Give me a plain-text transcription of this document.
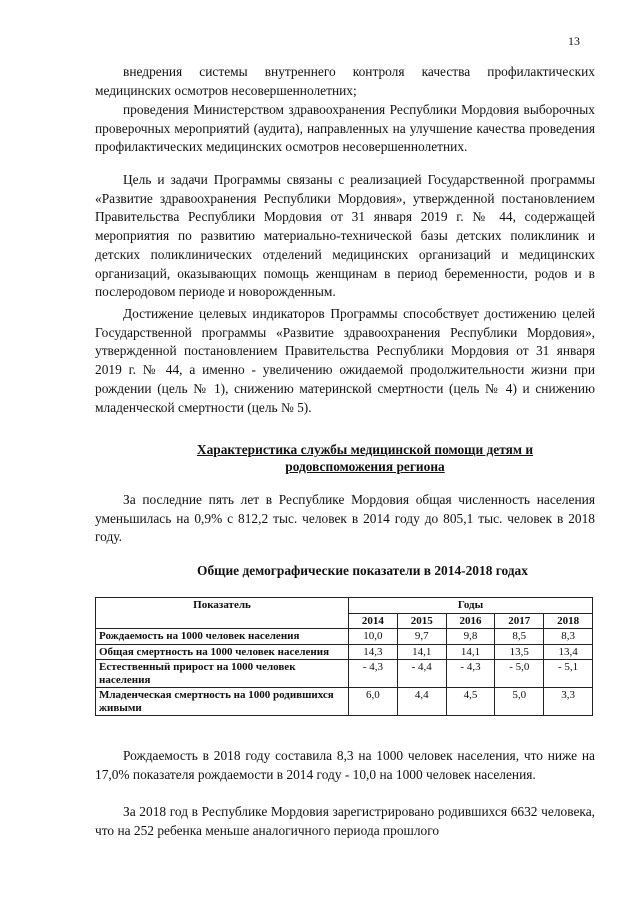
13

внедрения системы внутреннего контроля качества профилактических медицинских осмотров несовершеннолетних;

проведения Министерством здравоохранения Республики Мордовия выборочных проверочных мероприятий (аудита), направленных на улучшение качества проведения профилактических медицинских осмотров несовершеннолетних.

Цель и задачи Программы связаны с реализацией Государственной программы «Развитие здравоохранения Республики Мордовия», утвержденной постановлением Правительства Республики Мордовия от 31 января 2019 г. № 44, содержащей мероприятия по развитию материально-технической базы детских поликлиник и детских поликлинических отделений медицинских организаций и медицинских организаций, оказывающих помощь женщинам в период беременности, родов и в послеродовом периоде и новорожденным.

Достижение целевых индикаторов Программы способствует достижению целей Государственной программы «Развитие здравоохранения Республики Мордовия», утвержденной постановлением Правительства Республики Мордовия от 31 января 2019 г. № 44, а именно - увеличению ожидаемой продолжительности жизни при рождении (цель № 1), снижению материнской смертности (цель № 4) и снижению младенческой смертности (цель № 5).

Характеристика службы медицинской помощи детям и
родовспоможения региона

За последние пять лет в Республике Мордовия общая численность населения уменьшилась на 0,9% с 812,2 тыс. человек в 2014 году до 805,1 тыс. человек в 2018 году.

Общие демографические показатели в 2014-2018 годах
Показатель	Годы				
	2014	2015	2016	2017	2018
Рождаемость на 1000 человек населения	10,0	9,7	9,8	8,5	8,3
Общая смертность на 1000 человек населения	14,3	14,1	14,1	13,5	13,4
Естественный прирост на 1000 человек населения	- 4,3	- 4,4	- 4,3	- 5,0	- 5,1
Младенческая смертность на 1000 родившихся живыми	6,0	4,4	4,5	5,0	3,3

Рождаемость в 2018 году составила 8,3 на 1000 человек населения, что ниже на 17,0% показателя рождаемости в 2014 году - 10,0 на 1000 человек населения.

За 2018 год в Республике Мордовия зарегистрировано родившихся 6632 человека, что на 252 ребенка меньше аналогичного периода прошлого
